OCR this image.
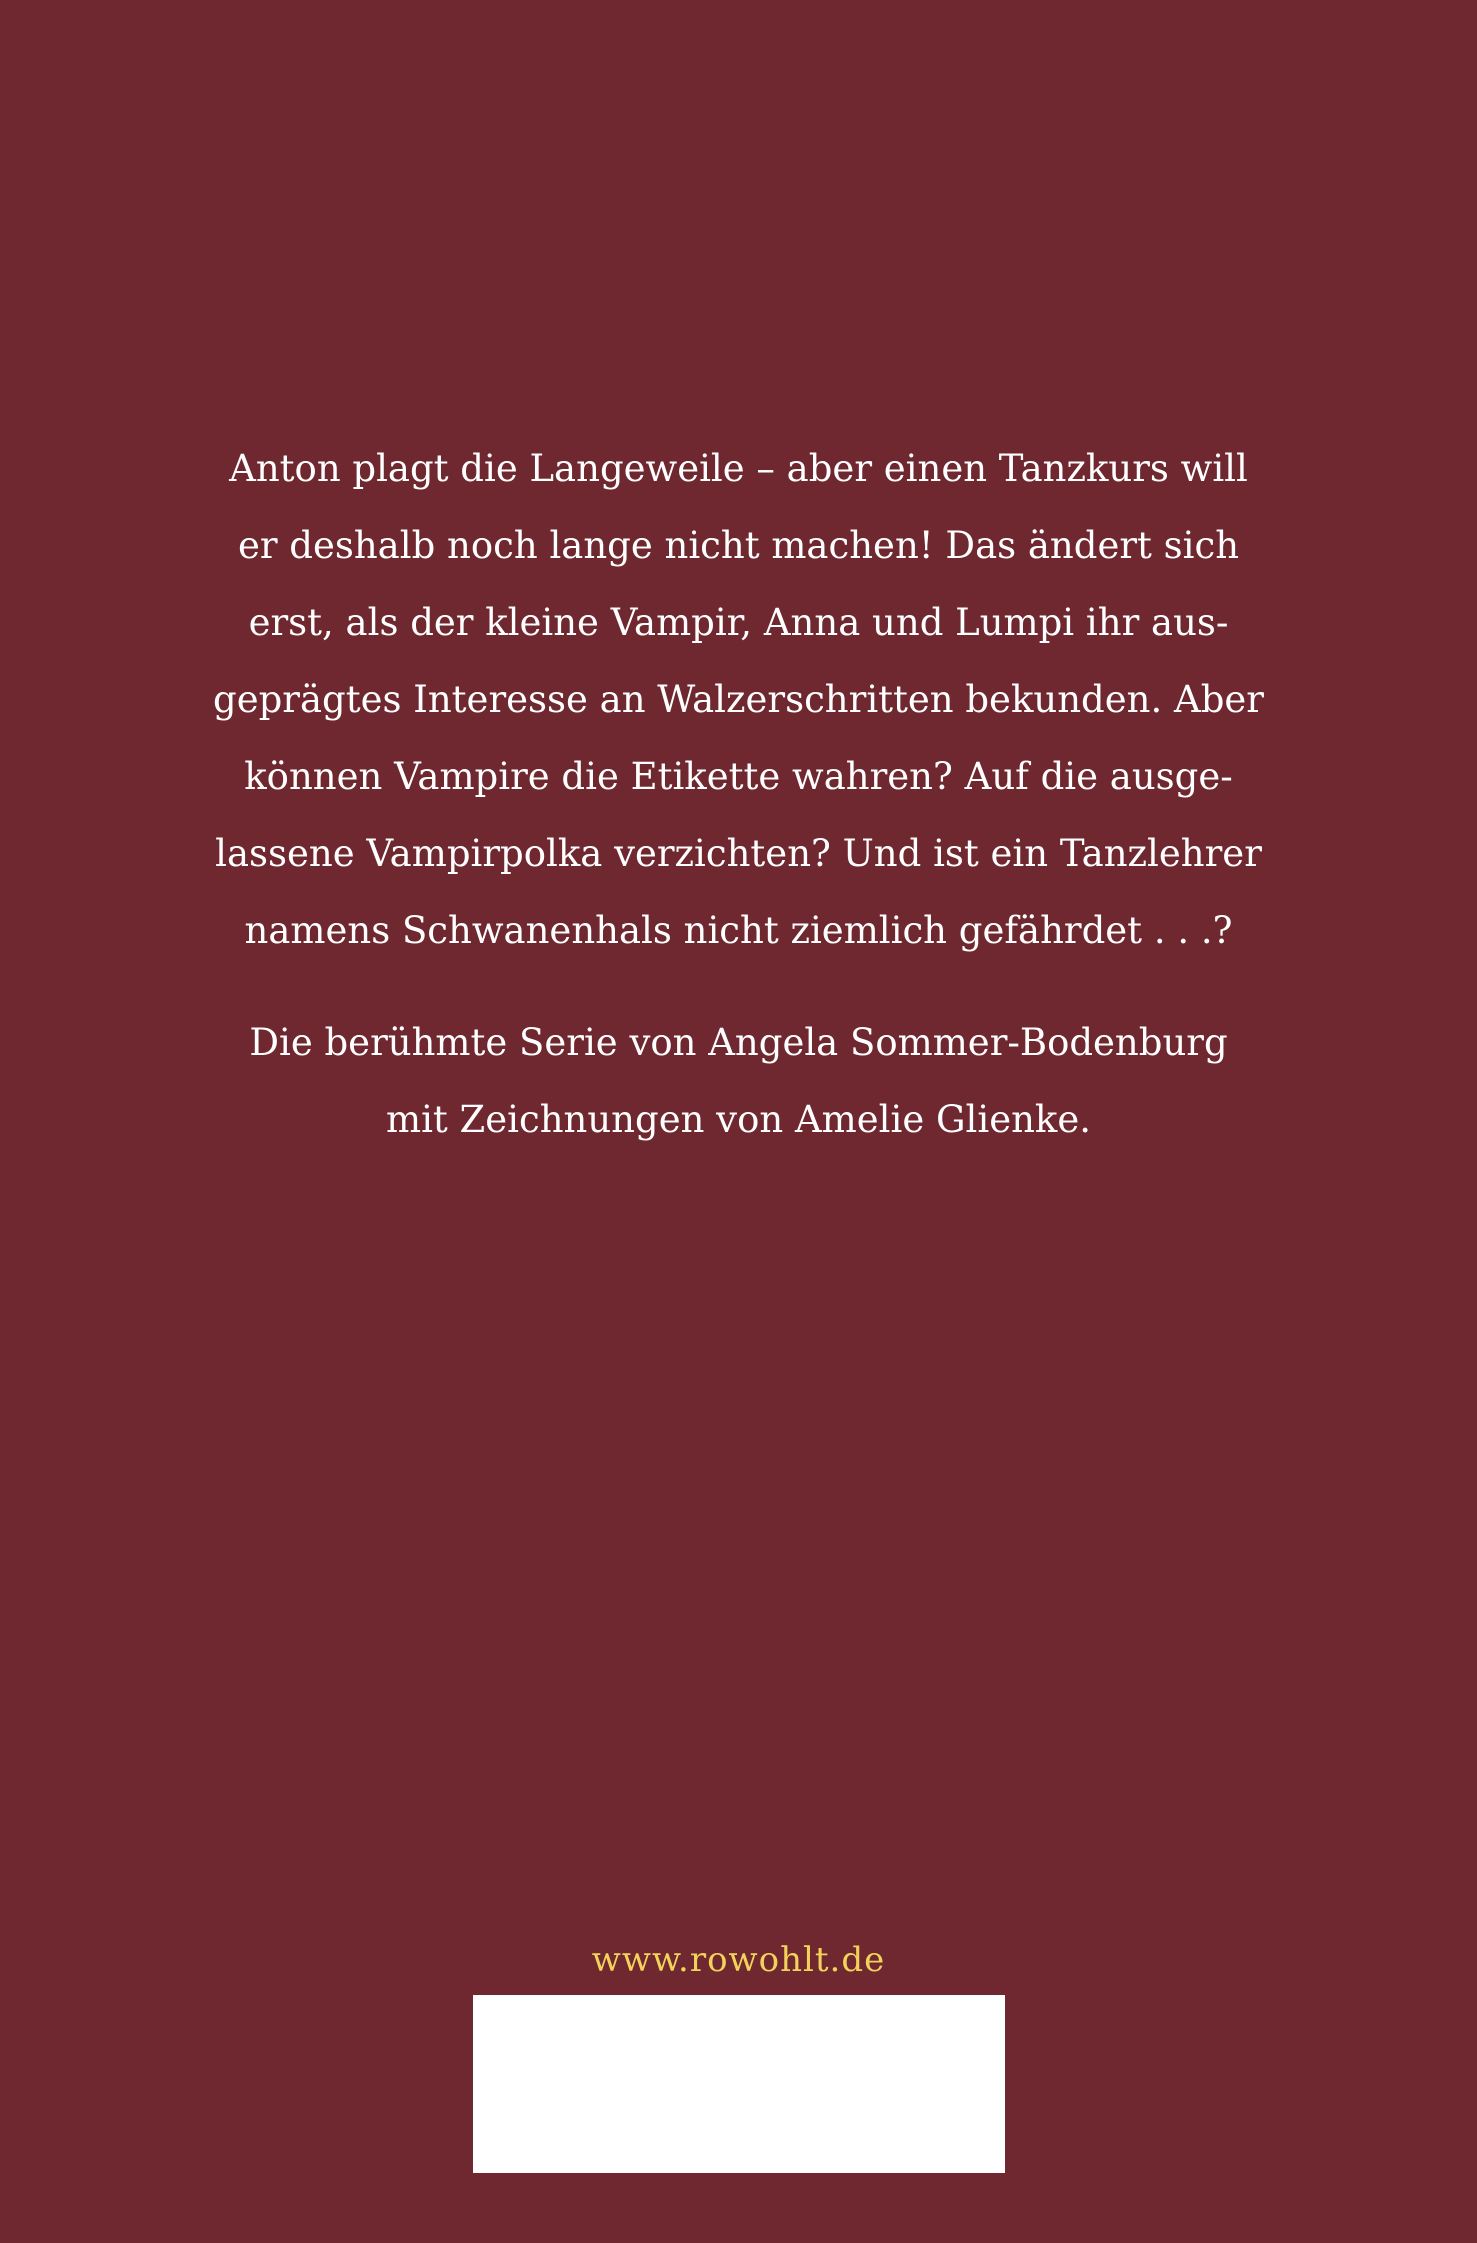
Anton plagt die Langeweile – aber einen Tanzkurs will
er deshalb noch lange nicht machen! Das ändert sich
erst, als der kleine Vampir, Anna und Lumpi ihr aus-
geprägtes Interesse an Walzerschritten bekunden. Aber
können Vampire die Etikette wahren? Auf die ausge-
lassene Vampirpolka verzichten? Und ist ein Tanzlehrer
namens Schwanenhals nicht ziemlich gefährdet . . .?

Die berühmte Serie von Angela Sommer-Bodenburg
mit Zeichnungen von Amelie Glienke.

www.rowohlt.de
